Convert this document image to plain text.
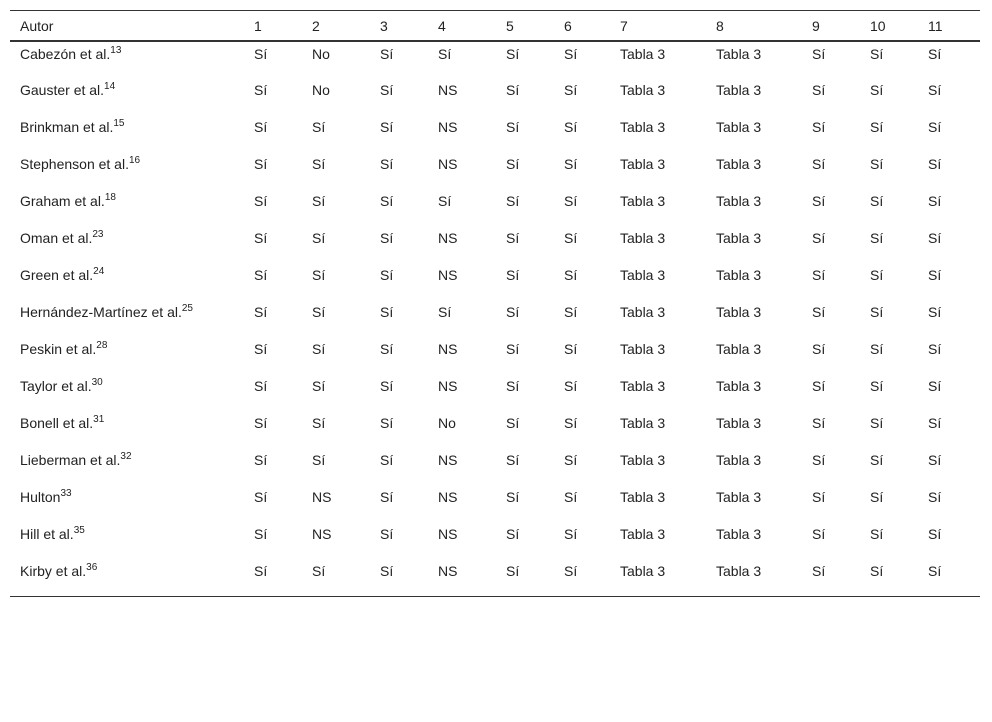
Autor	1	2	3	4	5	6	7	8	9	10	11
Cabezón et al.$^{13}$	Sí	No	Sí	Sí	Sí	Sí	Tabla 3	Tabla 3	Sí	Sí	Sí
Gauster et al.$^{14}$	Sí	No	Sí	NS	Sí	Sí	Tabla 3	Tabla 3	Sí	Sí	Sí
Brinkman et al.$^{15}$	Sí	Sí	Sí	NS	Sí	Sí	Tabla 3	Tabla 3	Sí	Sí	Sí
Stephenson et al.$^{16}$	Sí	Sí	Sí	NS	Sí	Sí	Tabla 3	Tabla 3	Sí	Sí	Sí
Graham et al.$^{18}$	Sí	Sí	Sí	Sí	Sí	Sí	Tabla 3	Tabla 3	Sí	Sí	Sí
Oman et al.$^{23}$	Sí	Sí	Sí	NS	Sí	Sí	Tabla 3	Tabla 3	Sí	Sí	Sí
Green et al.$^{24}$	Sí	Sí	Sí	NS	Sí	Sí	Tabla 3	Tabla 3	Sí	Sí	Sí
Hernández-Martínez et al.$^{25}$	Sí	Sí	Sí	Sí	Sí	Sí	Tabla 3	Tabla 3	Sí	Sí	Sí
Peskin et al.$^{28}$	Sí	Sí	Sí	NS	Sí	Sí	Tabla 3	Tabla 3	Sí	Sí	Sí
Taylor et al.$^{30}$	Sí	Sí	Sí	NS	Sí	Sí	Tabla 3	Tabla 3	Sí	Sí	Sí
Bonell et al.$^{31}$	Sí	Sí	Sí	No	Sí	Sí	Tabla 3	Tabla 3	Sí	Sí	Sí
Lieberman et al.$^{32}$	Sí	Sí	Sí	NS	Sí	Sí	Tabla 3	Tabla 3	Sí	Sí	Sí
Hulton$^{33}$	Sí	NS	Sí	NS	Sí	Sí	Tabla 3	Tabla 3	Sí	Sí	Sí
Hill et al.$^{35}$	Sí	NS	Sí	NS	Sí	Sí	Tabla 3	Tabla 3	Sí	Sí	Sí
Kirby et al.$^{36}$	Sí	Sí	Sí	NS	Sí	Sí	Tabla 3	Tabla 3	Sí	Sí	Sí
